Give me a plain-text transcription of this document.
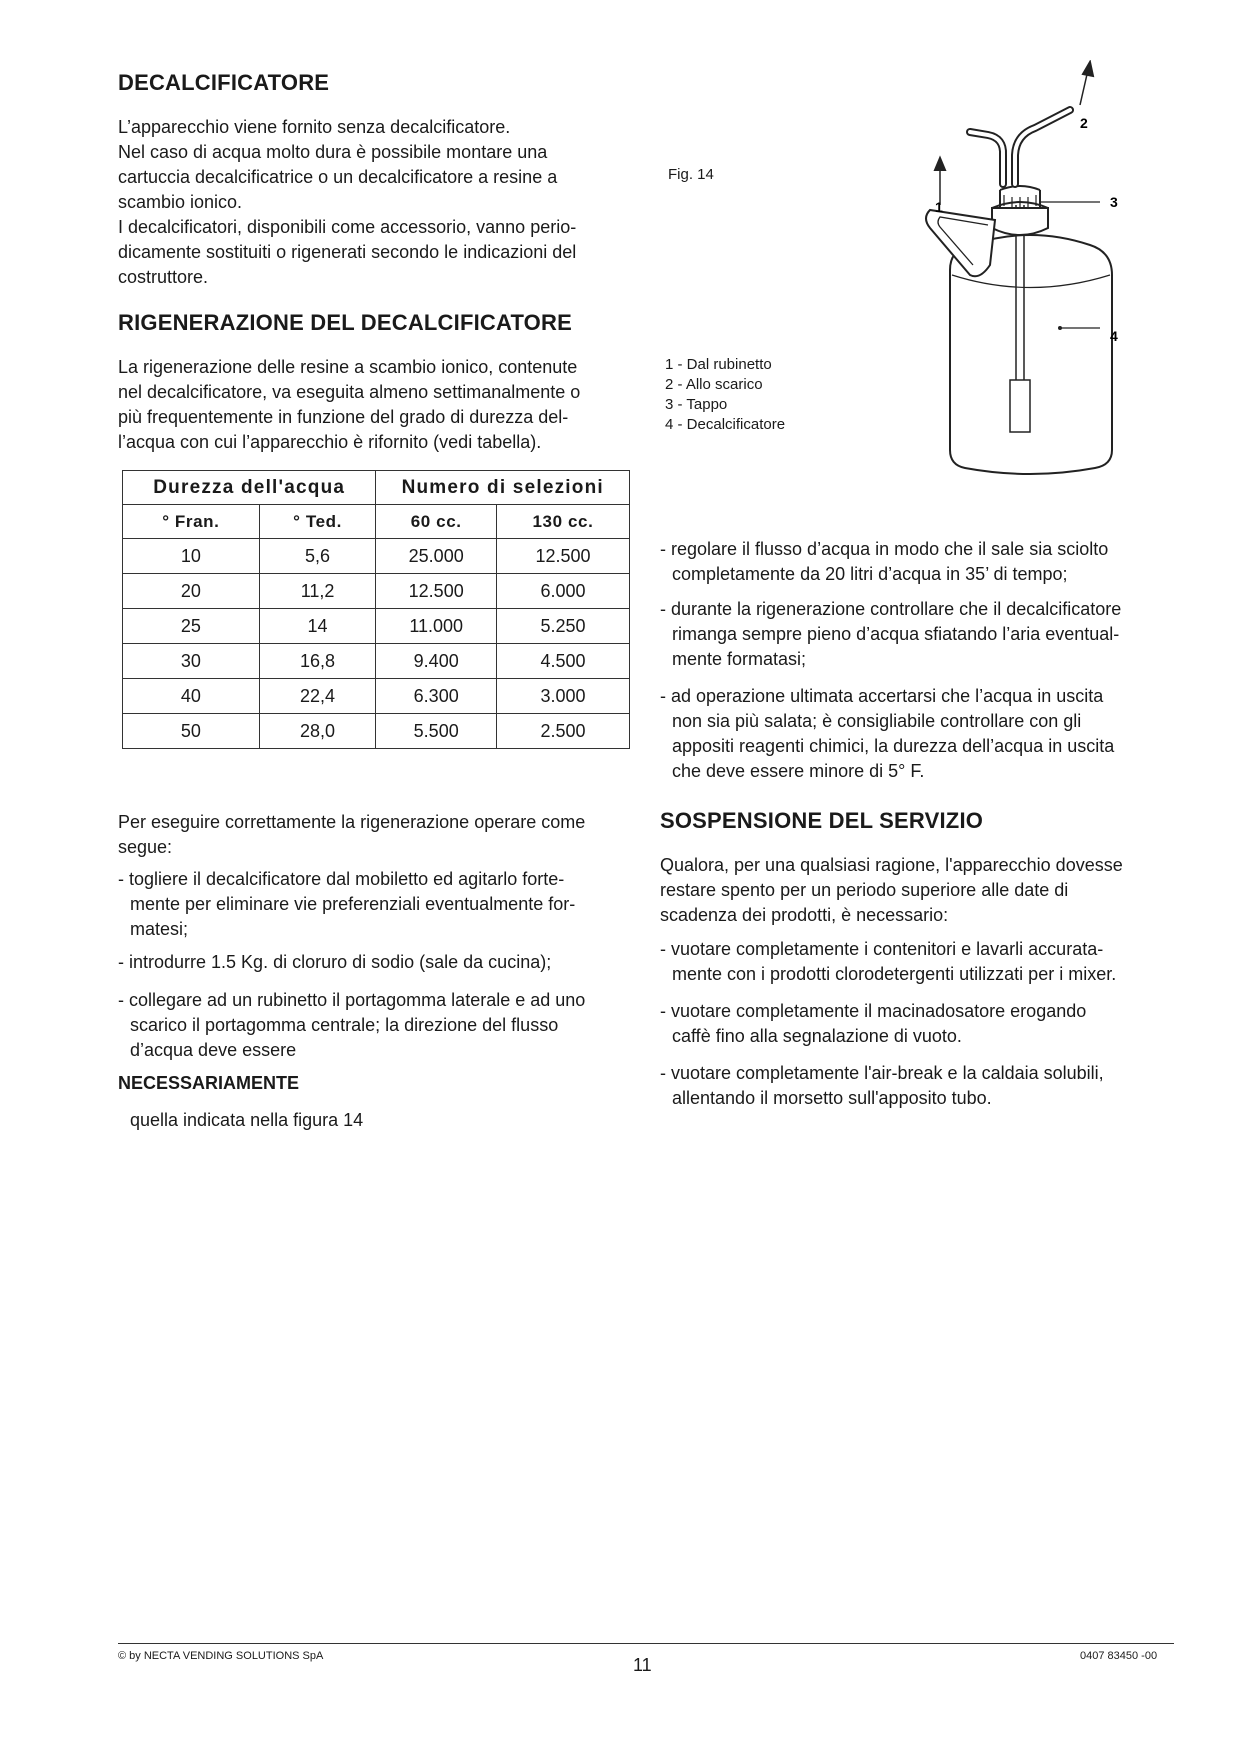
DECALCIFICATORE
L’apparecchio viene fornito senza decalcificatore.
Nel caso di acqua molto dura è possibile montare una
cartuccia decalcificatrice o un decalcificatore a resine a
scambio ionico.
I decalcificatori, disponibili come accessorio, vanno perio-
dicamente sostituiti o rigenerati secondo le indicazioni del
costruttore.
RIGENERAZIONE DEL DECALCIFICATORE
La rigenerazione delle resine a scambio ionico, contenute
nel decalcificatore, va eseguita almeno settimanalmente o
più frequentemente in funzione del grado di durezza del-
l’acqua con cui l’apparecchio è rifornito (vedi tabella).
Durezza dell'acqua		Numero di selezioni	
° Fran.	° Ted.	60 cc.	130 cc.
10	5,6	25.000	12.500
20	11,2	12.500	6.000
25	14	11.000	5.250
30	16,8	9.400	4.500
40	22,4	6.300	3.000
50	28,0	5.500	2.500
Per eseguire correttamente la rigenerazione operare come
segue:
- togliere il decalcificatore dal mobiletto ed agitarlo forte-
mente per eliminare vie preferenziali eventualmente for-
matesi;
- introdurre 1.5 Kg. di cloruro di sodio (sale da cucina);
- collegare ad un rubinetto il portagomma laterale e ad uno
scarico il portagomma centrale; la direzione del flusso
d’acqua deve essere
NECESSARIAMENTE
quella indicata nella figura 14
Fig. 14
1
2
3
4
1 - Dal rubinetto
2 - Allo scarico
3 - Tappo
4 - Decalcificatore
- regolare il flusso d’acqua in modo che il sale sia sciolto
completamente da 20 litri d’acqua in 35’ di tempo;
- durante la rigenerazione controllare che il decalcificatore
rimanga sempre pieno d’acqua sfiatando l’aria eventual-
mente formatasi;
- ad operazione ultimata accertarsi che l’acqua in uscita
non sia più salata; è consigliabile controllare con gli
appositi reagenti chimici, la durezza dell’acqua in uscita
che deve essere minore di 5° F.
SOSPENSIONE DEL SERVIZIO
Qualora, per una qualsiasi ragione, l'apparecchio dovesse
restare spento per un periodo superiore alle date di
scadenza dei prodotti, è necessario:
- vuotare completamente i contenitori e lavarli accurata-
mente con i prodotti clorodetergenti utilizzati per i mixer.
- vuotare completamente il macinadosatore erogando
caffè fino alla segnalazione di vuoto.
- vuotare completamente l'air-break e la caldaia solubili,
allentando il morsetto sull'apposito tubo.
© by NECTA VENDING SOLUTIONS SpA	11	0407 83450 -00
